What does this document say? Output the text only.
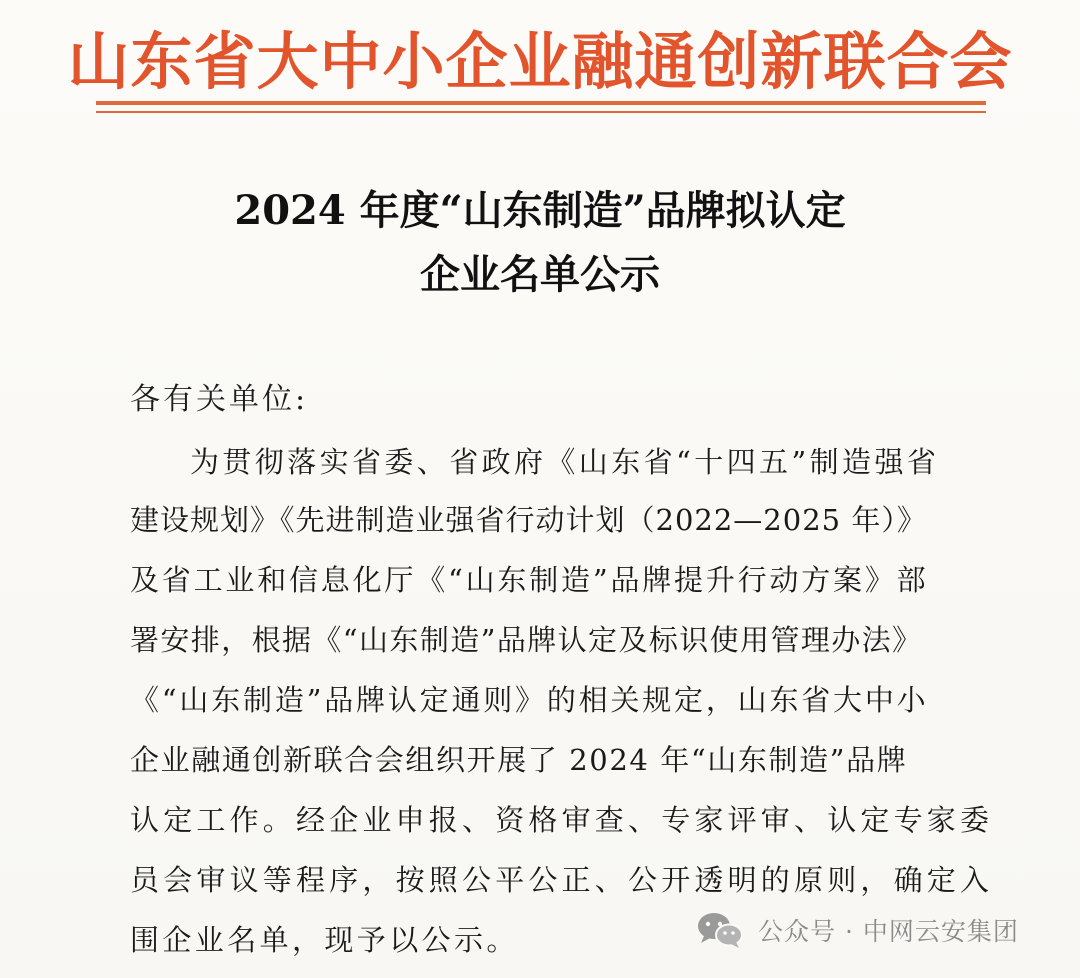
山东省大中小企业融通创新联合会
2024 年度“山东制造”品牌拟认定
企业名单公示
各有关单位:
为贯彻落实省委、省政府《山东省“十四五”制造强省
建设规划》《先进制造业强省行动计划（2022—2025 年）》
及省工业和信息化厅《“山东制造”品牌提升行动方案》部
署安排，根据《“山东制造”品牌认定及标识使用管理办法》
《“山东制造”品牌认定通则》的相关规定，山东省大中小
企业融通创新联合会组织开展了 2024 年“山东制造”品牌
认定工作。经企业申报、资格审查、专家评审、认定专家委
员会审议等程序，按照公平公正、公开透明的原则，确定入
围企业名单，现予以公示。	公众号 · 中网云安集团
